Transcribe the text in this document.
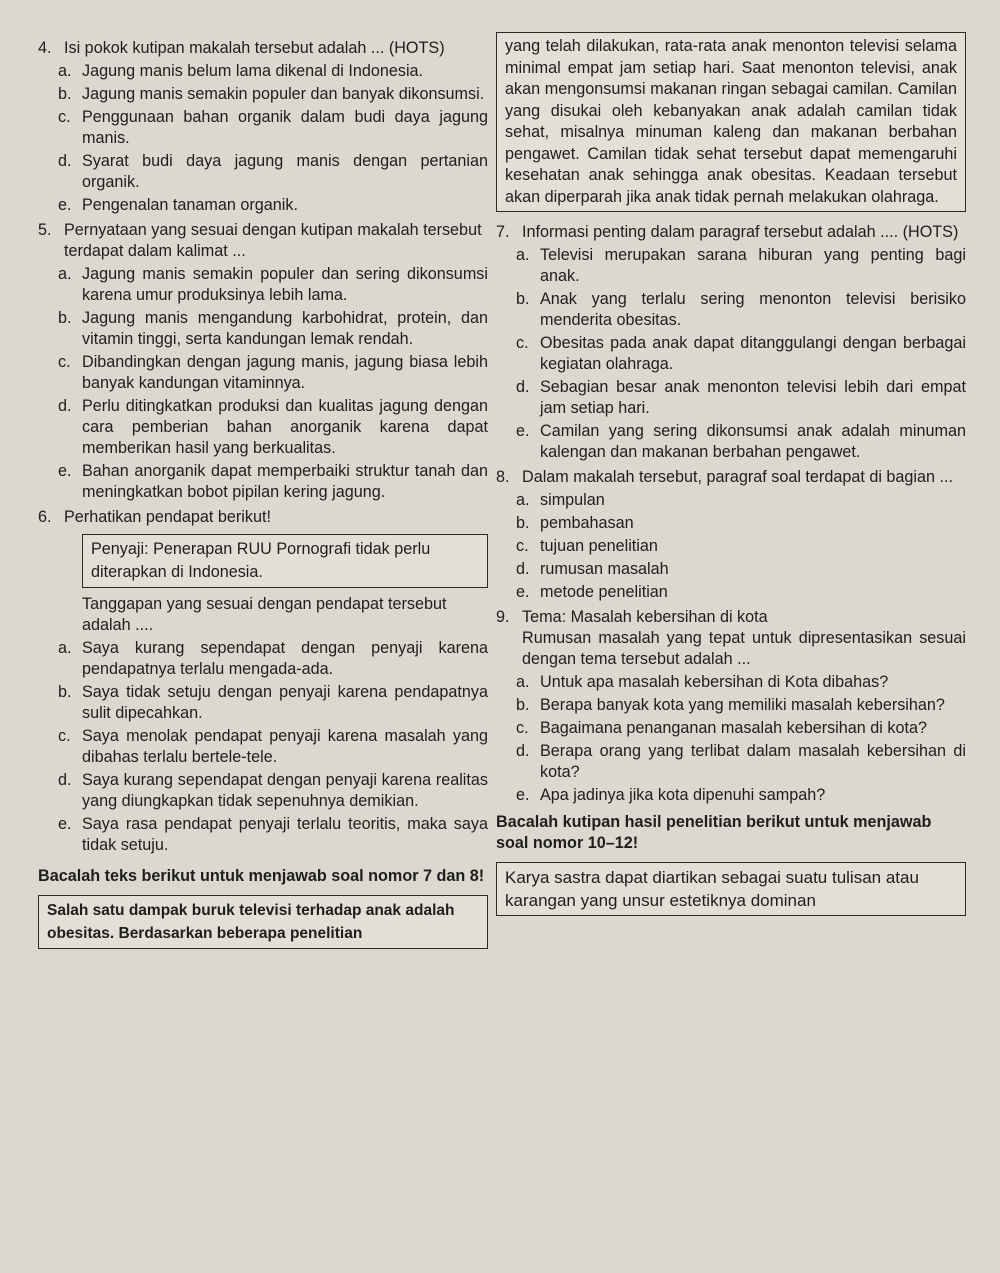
4. Isi pokok kutipan makalah tersebut adalah ... (HOTS)
a. Jagung manis belum lama dikenal di Indonesia.
b. Jagung manis semakin populer dan banyak dikonsumsi.
c. Penggunaan bahan organik dalam budi daya jagung manis.
d. Syarat budi daya jagung manis dengan pertanian organik.
e. Pengenalan tanaman organik.
5. Pernyataan yang sesuai dengan kutipan makalah tersebut terdapat dalam kalimat ...
a. Jagung manis semakin populer dan sering dikonsumsi karena umur produksinya lebih lama.
b. Jagung manis mengandung karbohidrat, protein, dan vitamin tinggi, serta kandungan lemak rendah.
c. Dibandingkan dengan jagung manis, jagung biasa lebih banyak kandungan vitaminnya.
d. Perlu ditingkatkan produksi dan kualitas jagung dengan cara pemberian bahan anorganik karena dapat memberikan hasil yang berkualitas.
e. Bahan anorganik dapat memperbaiki struktur tanah dan meningkatkan bobot pipilan kering jagung.
6. Perhatikan pendapat berikut!
Penyaji: Penerapan RUU Pornografi tidak perlu diterapkan di Indonesia.
Tanggapan yang sesuai dengan pendapat tersebut adalah ....
a. Saya kurang sependapat dengan penyaji karena pendapatnya terlalu mengada-ada.
b. Saya tidak setuju dengan penyaji karena pendapatnya sulit dipecahkan.
c. Saya menolak pendapat penyaji karena masalah yang dibahas terlalu bertele-tele.
d. Saya kurang sependapat dengan penyaji karena realitas yang diungkapkan tidak sepenuhnya demikian.
e. Saya rasa pendapat penyaji terlalu teoritis, maka saya tidak setuju.
Bacalah teks berikut untuk menjawab soal nomor 7 dan 8!
Salah satu dampak buruk televisi terhadap anak adalah obesitas. Berdasarkan beberapa penelitian
yang telah dilakukan, rata-rata anak menonton televisi selama minimal empat jam setiap hari. Saat menonton televisi, anak akan mengonsumsi makanan ringan sebagai camilan. Camilan yang disukai oleh kebanyakan anak adalah camilan tidak sehat, misalnya minuman kaleng dan makanan berbahan pengawet. Camilan tidak sehat tersebut dapat memengaruhi kesehatan anak sehingga anak obesitas. Keadaan tersebut akan diperparah jika anak tidak pernah melakukan olahraga.
7. Informasi penting dalam paragraf tersebut adalah .... (HOTS)
a. Televisi merupakan sarana hiburan yang penting bagi anak.
b. Anak yang terlalu sering menonton televisi berisiko menderita obesitas.
c. Obesitas pada anak dapat ditanggulangi dengan berbagai kegiatan olahraga.
d. Sebagian besar anak menonton televisi lebih dari empat jam setiap hari.
e. Camilan yang sering dikonsumsi anak adalah minuman kalengan dan makanan berbahan pengawet.
8. Dalam makalah tersebut, paragraf soal terdapat di bagian ...
a. simpulan
b. pembahasan
c. tujuan penelitian
d. rumusan masalah
e. metode penelitian
9. Tema: Masalah kebersihan di kota
Rumusan masalah yang tepat untuk dipresentasikan sesuai dengan tema tersebut adalah ...
a. Untuk apa masalah kebersihan di Kota dibahas?
b. Berapa banyak kota yang memiliki masalah kebersihan?
c. Bagaimana penanganan masalah kebersihan di kota?
d. Berapa orang yang terlibat dalam masalah kebersihan di kota?
e. Apa jadinya jika kota dipenuhi sampah?
Bacalah kutipan hasil penelitian berikut untuk menjawab soal nomor 10–12!
Karya sastra dapat diartikan sebagai suatu tulisan atau karangan yang unsur estetiknya dominan
